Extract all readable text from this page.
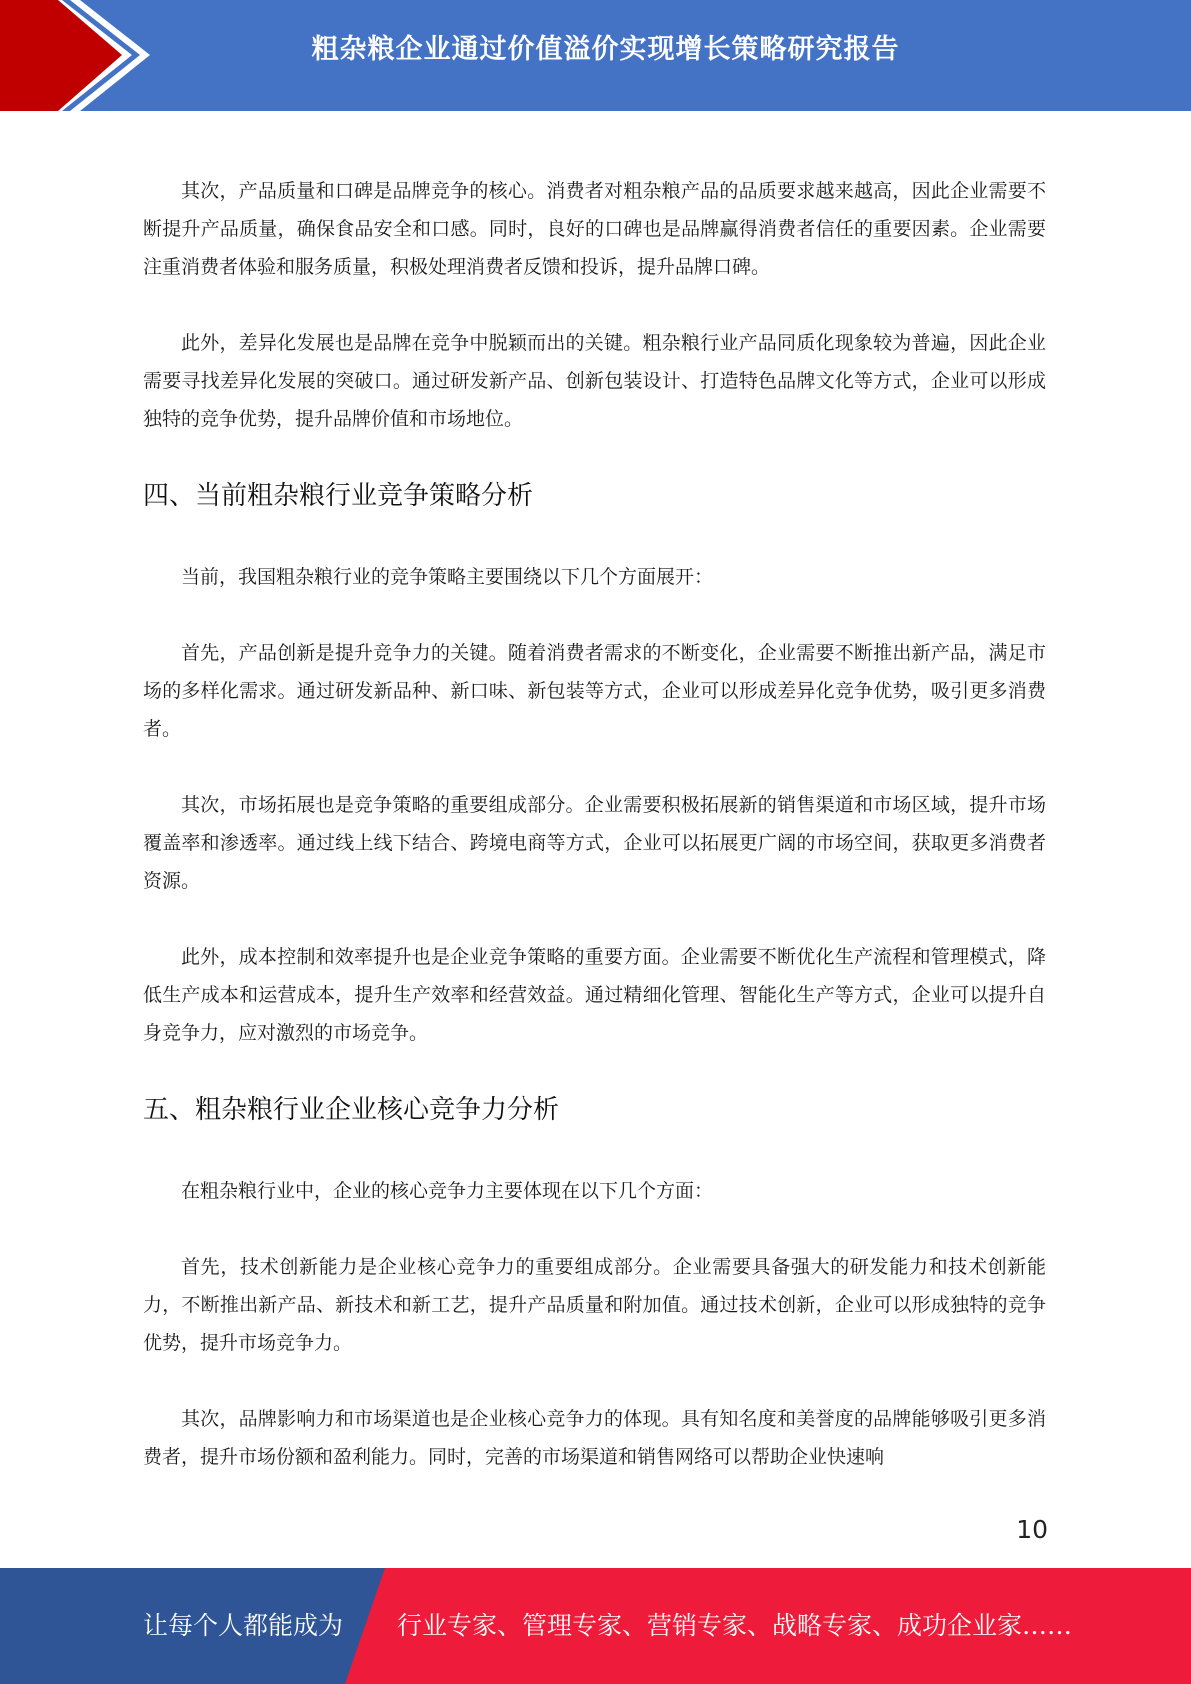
粗杂粮企业通过价值溢价实现增长策略研究报告

其次，产品质量和口碑是品牌竞争的核心。消费者对粗杂粮产品的品质要求越来越高，因此企业需要不断提升产品质量，确保食品安全和口感。同时，良好的口碑也是品牌赢得消费者信任的重要因素。企业需要注重消费者体验和服务质量，积极处理消费者反馈和投诉，提升品牌口碑。

此外，差异化发展也是品牌在竞争中脱颖而出的关键。粗杂粮行业产品同质化现象较为普遍，因此企业需要寻找差异化发展的突破口。通过研发新产品、创新包装设计、打造特色品牌文化等方式，企业可以形成独特的竞争优势，提升品牌价值和市场地位。

四、当前粗杂粮行业竞争策略分析

当前，我国粗杂粮行业的竞争策略主要围绕以下几个方面展开：

首先，产品创新是提升竞争力的关键。随着消费者需求的不断变化，企业需要不断推出新产品，满足市场的多样化需求。通过研发新品种、新口味、新包装等方式，企业可以形成差异化竞争优势，吸引更多消费者。

其次，市场拓展也是竞争策略的重要组成部分。企业需要积极拓展新的销售渠道和市场区域，提升市场覆盖率和渗透率。通过线上线下结合、跨境电商等方式，企业可以拓展更广阔的市场空间，获取更多消费者资源。

此外，成本控制和效率提升也是企业竞争策略的重要方面。企业需要不断优化生产流程和管理模式，降低生产成本和运营成本，提升生产效率和经营效益。通过精细化管理、智能化生产等方式，企业可以提升自身竞争力，应对激烈的市场竞争。

五、粗杂粮行业企业核心竞争力分析

在粗杂粮行业中，企业的核心竞争力主要体现在以下几个方面：

首先，技术创新能力是企业核心竞争力的重要组成部分。企业需要具备强大的研发能力和技术创新能力，不断推出新产品、新技术和新工艺，提升产品质量和附加值。通过技术创新，企业可以形成独特的竞争优势，提升市场竞争力。

其次，品牌影响力和市场渠道也是企业核心竞争力的体现。具有知名度和美誉度的品牌能够吸引更多消费者，提升市场份额和盈利能力。同时，完善的市场渠道和销售网络可以帮助企业快速响

10
让每个人都能成为 行业专家、管理专家、营销专家、战略专家、成功企业家……
